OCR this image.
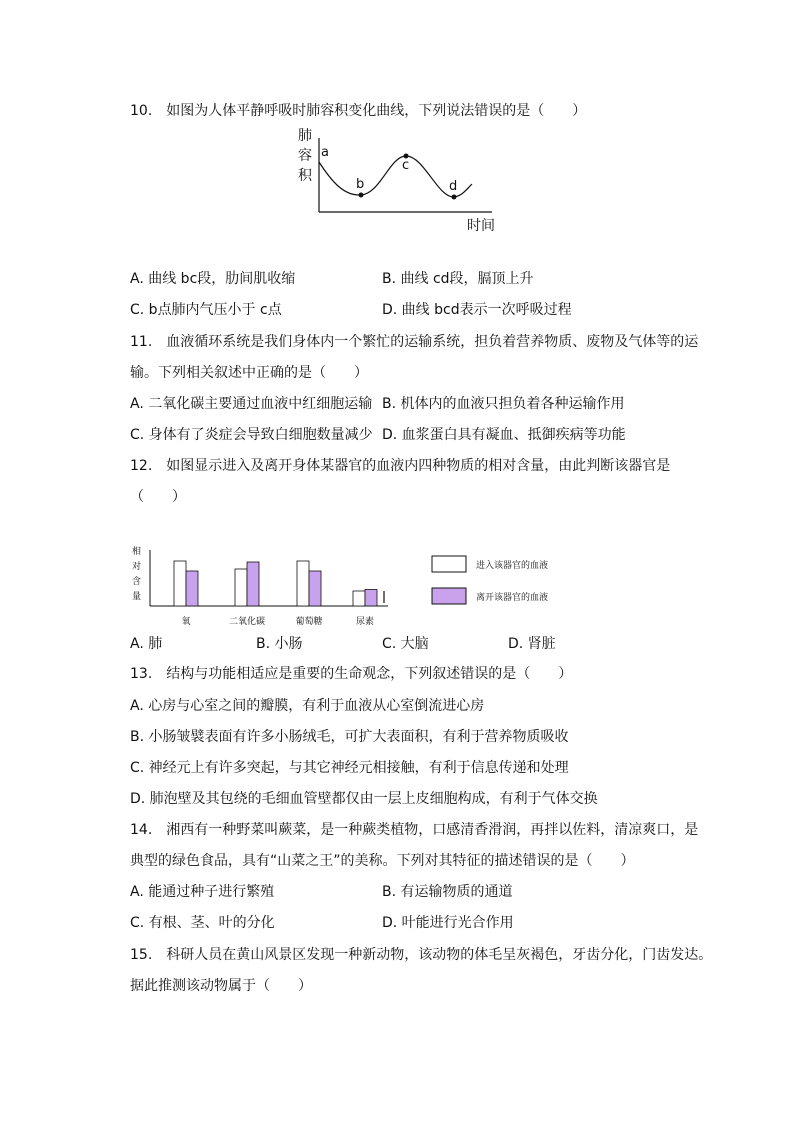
10.　如图为人体平静呼吸时肺容积变化曲线，下列说法错误的是（　　）
肺
容
积
a
b
c
d
时间
A. 曲线 bc段，肋间肌收缩	B. 曲线 cd段，膈顶上升
C. b点肺内气压小于 c点	D. 曲线 bcd表示一次呼吸过程
11.　血液循环系统是我们身体内一个繁忙的运输系统，担负着营养物质、废物及气体等的运
输。下列相关叙述中正确的是（　　）
A. 二氧化碳主要通过血液中红细胞运输 B. 机体内的血液只担负着各种运输作用
C. 身体有了炎症会导致白细胞数量减少 D. 血浆蛋白具有凝血、抵御疾病等功能
12.　如图显示进入及离开身体某器官的血液内四种物质的相对含量，由此判断该器官是
（　　）
相
对
含
量
氧	二氧化碳	葡萄糖	尿素
进入该器官的血液
离开该器官的血液
A. 肺	B. 小肠	C. 大脑	D. 肾脏
13.　结构与功能相适应是重要的生命观念，下列叙述错误的是（　　）
A. 心房与心室之间的瓣膜，有利于血液从心室倒流进心房
B. 小肠皱襞表面有许多小肠绒毛，可扩大表面积，有利于营养物质吸收
C. 神经元上有许多突起，与其它神经元相接触，有利于信息传递和处理
D. 肺泡壁及其包绕的毛细血管壁都仅由一层上皮细胞构成，有利于气体交换
14.　湘西有一种野菜叫蕨菜，是一种蕨类植物，口感清香滑润，再拌以佐料，清凉爽口，是
典型的绿色食品，具有“山菜之王”的美称。下列对其特征的描述错误的是（　　）
A. 能通过种子进行繁殖	B. 有运输物质的通道
C. 有根、茎、叶的分化	D. 叶能进行光合作用
15.　科研人员在黄山风景区发现一种新动物，该动物的体毛呈灰褐色，牙齿分化，门齿发达。
据此推测该动物属于（　　）
